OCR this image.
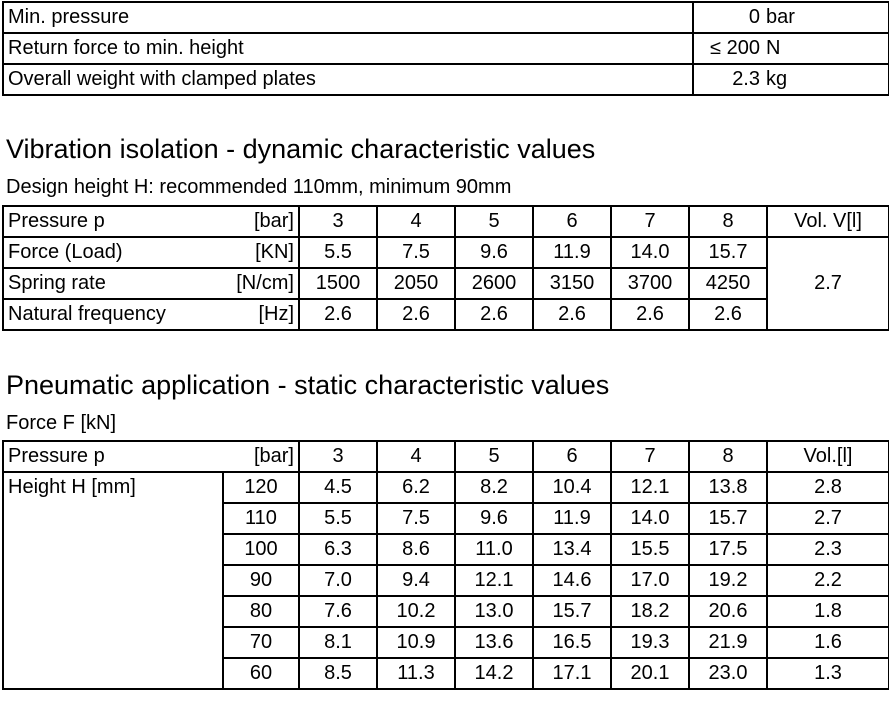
Min. pressure	0	bar
Return force to min. height	≤ 200	N
Overall weight with clamped plates	2.3	kg
Vibration isolation - dynamic characteristic values
Design height H: recommended 110mm, minimum 90mm
Pressure p	[bar]	3	4	5	6	7	8	Vol. V[l]
Force (Load)	[KN]	5.5	7.5	9.6	11.9	14.0	15.7	2.7
Spring rate	[N/cm]	1500	2050	2600	3150	3700	4250	
Natural frequency	[Hz]	2.6	2.6	2.6	2.6	2.6	2.6	
Pneumatic application - static characteristic values
Force F [kN]
Pressure p	[bar]	3	4	5	6	7	8	Vol.[l]
Height H [mm]	120	4.5	6.2	8.2	10.4	12.1	13.8	2.8
	110	5.5	7.5	9.6	11.9	14.0	15.7	2.7
	100	6.3	8.6	11.0	13.4	15.5	17.5	2.3
	90	7.0	9.4	12.1	14.6	17.0	19.2	2.2
	80	7.6	10.2	13.0	15.7	18.2	20.6	1.8
	70	8.1	10.9	13.6	16.5	19.3	21.9	1.6
	60	8.5	11.3	14.2	17.1	20.1	23.0	1.3
